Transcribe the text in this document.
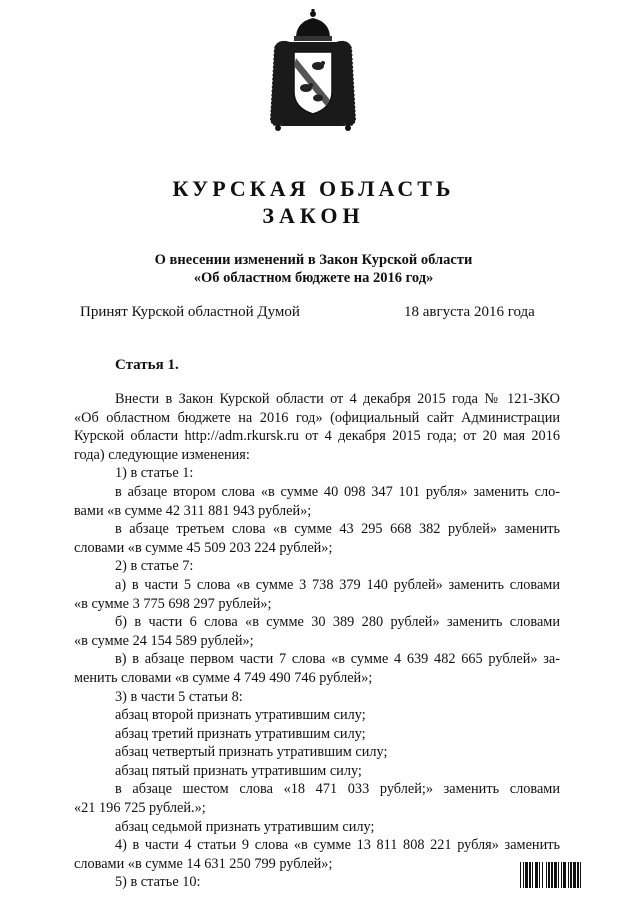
КУРСКАЯ ОБЛАСТЬ
ЗАКОН
О внесении изменений в Закон Курской области
«Об областном бюджете на 2016 год»
Принят Курской областной Думой	18 августа 2016 года
Статья 1.
Внести в Закон Курской области от 4 декабря 2015 года № 121-ЗКО
«Об областном бюджете на 2016 год» (официальный сайт Администрации
Курской области http://adm.rkursk.ru от 4 декабря 2015 года; от 20 мая 2016
года) следующие изменения:
1) в статье 1:
в абзаце втором слова «в сумме 40 098 347 101 рубля» заменить сло-
вами «в сумме 42 311 881 943 рублей»;
в абзаце третьем слова «в сумме 43 295 668 382 рублей» заменить
словами «в сумме 45 509 203 224 рублей»;
2) в статье 7:
а) в части 5 слова «в сумме 3 738 379 140 рублей» заменить словами
«в сумме 3 775 698 297 рублей»;
б) в части 6 слова «в сумме 30 389 280 рублей» заменить словами
«в сумме 24 154 589 рублей»;
в) в абзаце первом части 7 слова «в сумме 4 639 482 665 рублей» за-
менить словами «в сумме 4 749 490 746 рублей»;
3) в части 5 статьи 8:
абзац второй признать утратившим силу;
абзац третий признать утратившим силу;
абзац четвертый признать утратившим силу;
абзац пятый признать утратившим силу;
в абзаце шестом слова «18 471 033 рублей;» заменить словами
«21 196 725 рублей.»;
абзац седьмой признать утратившим силу;
4) в части 4 статьи 9 слова «в сумме 13 811 808 221 рубля» заменить
словами «в сумме 14 631 250 799 рублей»;
5) в статье 10:
